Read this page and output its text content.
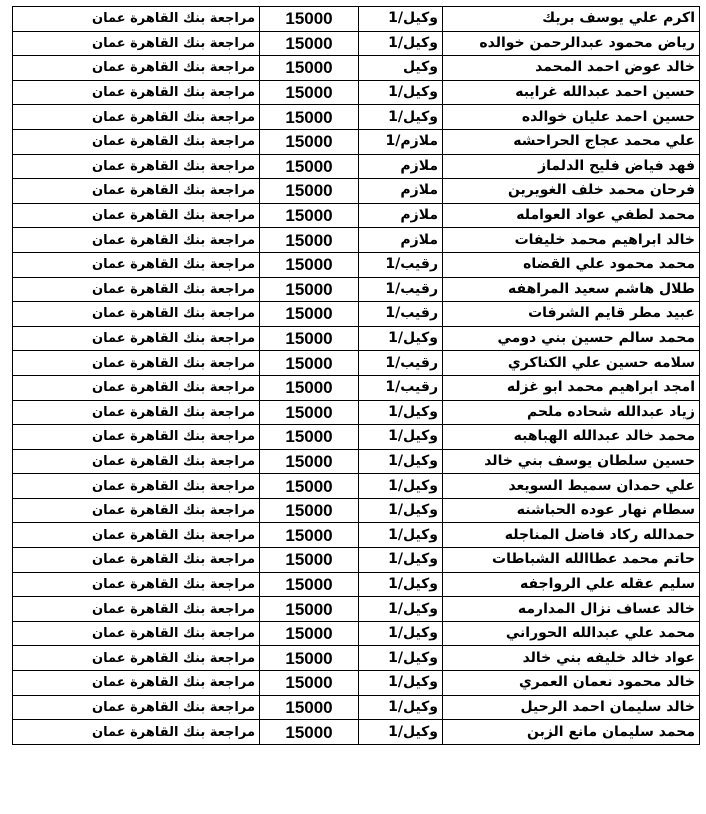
اكرم علي يوسف بريك	وكيل/1	15000	مراجعة بنك القاهرة عمان
رياض محمود عبدالرحمن خوالده	وكيل/1	15000	مراجعة بنك القاهرة عمان
خالد عوض احمد المحمد	وكيل	15000	مراجعة بنك القاهرة عمان
حسين احمد عبدالله غرايبه	وكيل/1	15000	مراجعة بنك القاهرة عمان
حسين احمد عليان خوالده	وكيل/1	15000	مراجعة بنك القاهرة عمان
علي محمد عجاج الحراحشه	ملازم/1	15000	مراجعة بنك القاهرة عمان
فهد فياض فليح الدلماز	ملازم	15000	مراجعة بنك القاهرة عمان
فرحان محمد خلف الغويرين	ملازم	15000	مراجعة بنك القاهرة عمان
محمد لطفي عواد العوامله	ملازم	15000	مراجعة بنك القاهرة عمان
خالد ابراهيم محمد خليفات	ملازم	15000	مراجعة بنك القاهرة عمان
محمد محمود علي القضاه	رقيب/1	15000	مراجعة بنك القاهرة عمان
طلال هاشم سعيد المراهفه	رقيب/1	15000	مراجعة بنك القاهرة عمان
عبيد مطر قايم الشرفات	رقيب/1	15000	مراجعة بنك القاهرة عمان
محمد سالم حسين بني دومي	وكيل/1	15000	مراجعة بنك القاهرة عمان
سلامه حسين علي الكناكري	رقيب/1	15000	مراجعة بنك القاهرة عمان
امجد ابراهيم محمد ابو غزله	رقيب/1	15000	مراجعة بنك القاهرة عمان
زياد عبدالله شحاده ملحم	وكيل/1	15000	مراجعة بنك القاهرة عمان
محمد خالد عبدالله الهباهبه	وكيل/1	15000	مراجعة بنك القاهرة عمان
حسين سلطان يوسف بني خالد	وكيل/1	15000	مراجعة بنك القاهرة عمان
علي حمدان سميط السويعد	وكيل/1	15000	مراجعة بنك القاهرة عمان
سطام نهار عوده الحباشنه	وكيل/1	15000	مراجعة بنك القاهرة عمان
حمدالله ركاد فاضل المناجله	وكيل/1	15000	مراجعة بنك القاهرة عمان
حاتم محمد عطاالله الشباطات	وكيل/1	15000	مراجعة بنك القاهرة عمان
سليم عقله علي الرواجفه	وكيل/1	15000	مراجعة بنك القاهرة عمان
خالد عساف نزال المدارمه	وكيل/1	15000	مراجعة بنك القاهرة عمان
محمد علي عبدالله الحوراني	وكيل/1	15000	مراجعة بنك القاهرة عمان
عواد خالد خليفه بني خالد	وكيل/1	15000	مراجعة بنك القاهرة عمان
خالد محمود نعمان العمري	وكيل/1	15000	مراجعة بنك القاهرة عمان
خالد سليمان احمد الرحيل	وكيل/1	15000	مراجعة بنك القاهرة عمان
محمد سليمان مانع الزبن	وكيل/1	15000	مراجعة بنك القاهرة عمان
